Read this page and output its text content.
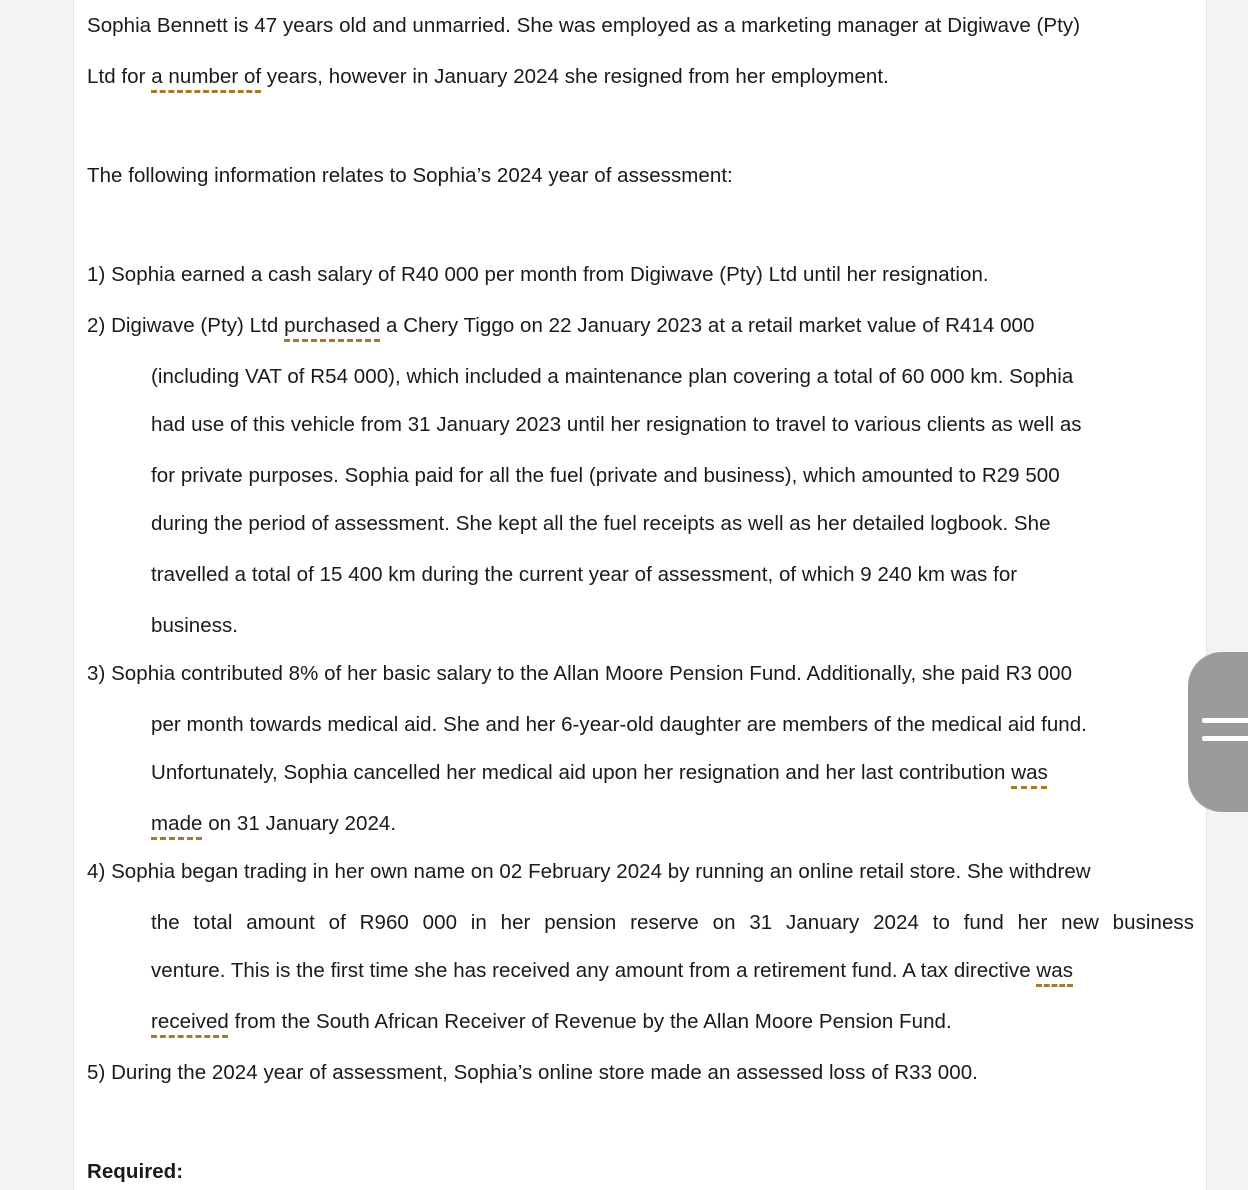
Sophia Bennett is 47 years old and unmarried. She was employed as a marketing manager at Digiwave (Pty)
Ltd for a number of years, however in January 2024 she resigned from her employment.
The following information relates to Sophia’s 2024 year of assessment:
1) Sophia earned a cash salary of R40 000 per month from Digiwave (Pty) Ltd until her resignation.
2) Digiwave (Pty) Ltd purchased a Chery Tiggo on 22 January 2023 at a retail market value of R414 000
(including VAT of R54 000), which included a maintenance plan covering a total of 60 000 km. Sophia
had use of this vehicle from 31 January 2023 until her resignation to travel to various clients as well as
for private purposes. Sophia paid for all the fuel (private and business), which amounted to R29 500
during the period of assessment. She kept all the fuel receipts as well as her detailed logbook. She
travelled a total of 15 400 km during the current year of assessment, of which 9 240 km was for
business.
3) Sophia contributed 8% of her basic salary to the Allan Moore Pension Fund. Additionally, she paid R3 000
per month towards medical aid. She and her 6-year-old daughter are members of the medical aid fund.
Unfortunately, Sophia cancelled her medical aid upon her resignation and her last contribution was
made on 31 January 2024.
4) Sophia began trading in her own name on 02 February 2024 by running an online retail store. She withdrew
the total amount of R960 000 in her pension reserve on 31 January 2024 to fund her new business
venture. This is the first time she has received any amount from a retirement fund. A tax directive was
received from the South African Receiver of Revenue by the Allan Moore Pension Fund.
5) During the 2024 year of assessment, Sophia’s online store made an assessed loss of R33 000.
Required:
